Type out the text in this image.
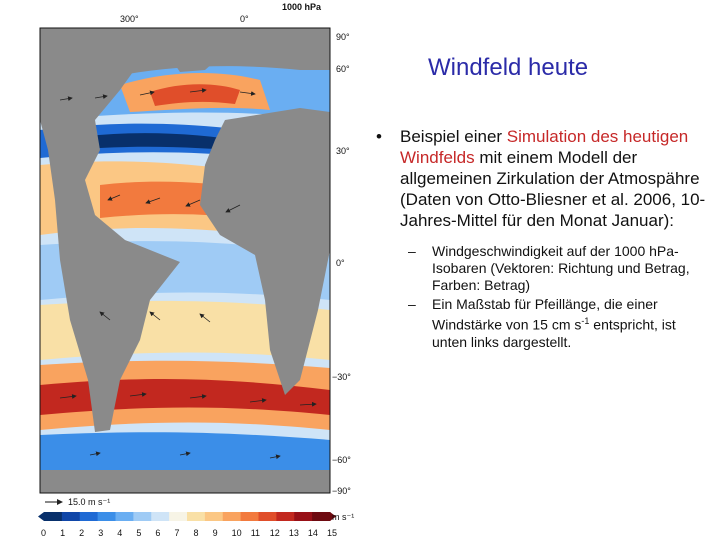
300°	0°
1000 hPa
90°
60°
30°
0°
−30°
−60°
−90°
15.0 m s⁻¹
m s⁻¹
0 1 2 3 4 5 6 7 8 9 10 11 12 13 14 15
Windfeld heute
• Beispiel einer Simulation des heutigen Windfelds mit einem Modell der allgemeinen Zirkulation der Atmospähre (Daten von Otto-Bliesner et al. 2006, 10-Jahres-Mittel für den Monat Januar):
– Windgeschwindigkeit auf der 1000 hPa-Isobaren (Vektoren: Richtung und Betrag, Farben: Betrag)
– Ein Maßstab für Pfeillänge, die einer Windstärke von 15 cm $s^{-1}$ entspricht, ist unten links dargestellt.
